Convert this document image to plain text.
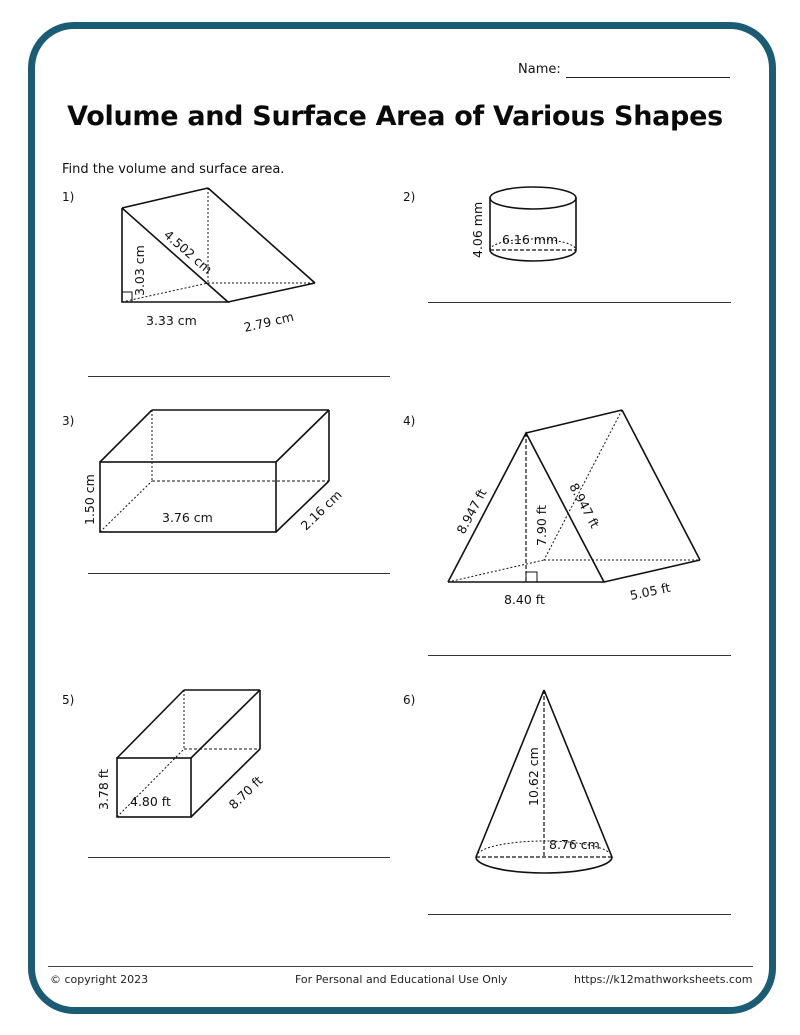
Name:
Volume and Surface Area of Various Shapes
Find the volume and surface area.
1)	2)
3)	4)
5)	6)
3.03 cm
3.33 cm
4.502 cm
2.79 cm
4.06 mm 6.16 mm
1.50 cm	3.76 cm	2.16 cm	8.947 ft	8.947 ft
7.90 ft
8.40 ft	5.05 ft
3.78 ft 4.80 ft	8.70 ft	10.62 cm
8.76 cm
© copyright 2023	For Personal and Educational Use Only	https://k12mathworksheets.com
